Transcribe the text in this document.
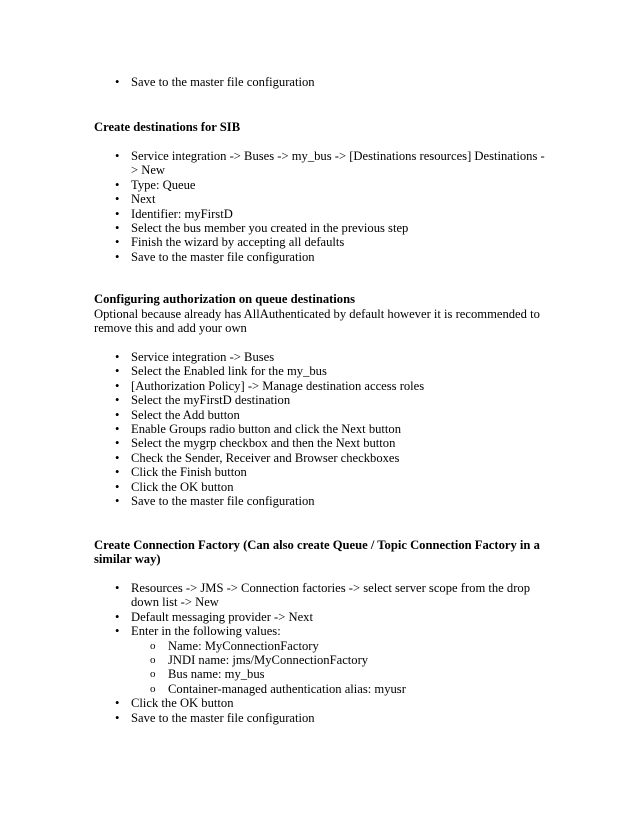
• Save to the master file configuration

Create destinations for SIB

• Service integration -> Buses -> my_bus -> [Destinations resources] Destinations -> New
• Type: Queue
• Next
• Identifier: myFirstD
• Select the bus member you created in the previous step
• Finish the wizard by accepting all defaults
• Save to the master file configuration

Configuring authorization on queue destinations

Optional because already has AllAuthenticated by default however it is recommended to remove this and add your own

• Service integration -> Buses
• Select the Enabled link for the my_bus
• [Authorization Policy] -> Manage destination access roles
• Select the myFirstD destination
• Select the Add button
• Enable Groups radio button and click the Next button
• Select the mygrp checkbox and then the Next button
• Check the Sender, Receiver and Browser checkboxes
• Click the Finish button
• Click the OK button
• Save to the master file configuration

Create Connection Factory (Can also create Queue / Topic Connection Factory in a similar way)

• Resources -> JMS -> Connection factories -> select server scope from the drop down list -> New
• Default messaging provider -> Next
• Enter in the following values:
o Name: MyConnectionFactory
o JNDI name: jms/MyConnectionFactory
o Bus name: my_bus
o Container-managed authentication alias: myusr
• Click the OK button
• Save to the master file configuration
